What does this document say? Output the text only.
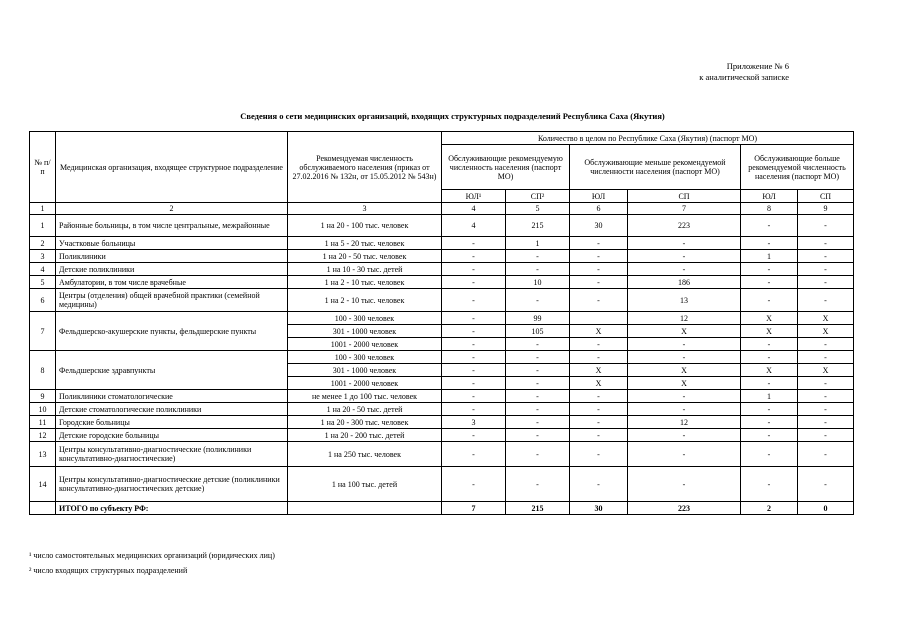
Приложение № 6
к аналитической записке
Сведения о сети медицинских организаций, входящих структурных подразделений Республика Саха (Якутия)
№ п/п	Медицинская организация, входящее структурное подразделение	Рекомендуемая численность обслуживаемого населения (приказ от 27.02.2016 № 132н, от 15.05.2012 № 543н)	Количество в целом по Республике Саха (Якутия) (паспорт МО)					
			Обслуживающие рекомендуемую численность населения (паспорт МО)		Обслуживающие меньше рекомендуемой численности населения (паспорт МО)		Обслуживающие больше рекомендуемой численность населения (паспорт МО)	
			ЮЛ¹	СП²	ЮЛ	СП	ЮЛ	СП
1	2	3	4	5	6	7	8	9
1	Районные больницы, в том числе центральные, межрайонные	1 на 20 - 100 тыс. человек	4	215	30	223	-	-
2	Участковые больницы	1 на 5 - 20 тыс. человек	-	1	-	-	-	-
3	Поликлиники	1 на 20 - 50 тыс. человек	-	-	-	-	1	-
4	Детские поликлиники	1 на 10 - 30 тыс. детей	-	-	-	-	-	-
5	Амбулатории, в том числе врачебные	1 на 2 - 10 тыс. человек	-	10	-	186	-	-
6	Центры (отделения) общей врачебной практики (семейной медицины)	1 на 2 - 10 тыс. человек	-	-	-	13	-	-
7	Фельдшерско-акушерские пункты, фельдшерские пункты	100 - 300 человек	-	99		12	Х	Х
		301 - 1000 человек	-	105	Х	Х	Х	Х
		1001 - 2000 человек	-	-	-	-	-	-
8	Фельдшерские здравпункты	100 - 300 человек	-	-	-	-	-	-
		301 - 1000 человек	-	-	Х	Х	Х	Х
		1001 - 2000 человек	-	-	Х	Х	-	-
9	Поликлиники стоматологические	не менее 1 до 100 тыс. человек	-	-	-	-	1	-
10	Детские стоматологические поликлиники	1 на 20 - 50 тыс. детей	-	-	-	-	-	-
11	Городские больницы	1 на 20 - 300 тыс. человек	3	-	-	12	-	-
12	Детские городские больницы	1 на 20 - 200 тыс. детей	-	-	-	-	-	-
13	Центры консультативно-диагностические (поликлиники консультативно-диагностические)	1 на 250 тыс. человек	-	-	-	-	-	-
14	Центры консультативно-диагностические детские (поликлиники консультативно-диагностических детские)	1 на 100 тыс. детей	-	-	-	-	-	-
	ИТОГО по субъекту РФ:		7	215	30	223	2	0
¹ число самостоятельных медицинских организаций (юридических лиц)
² число входящих структурных подразделений
